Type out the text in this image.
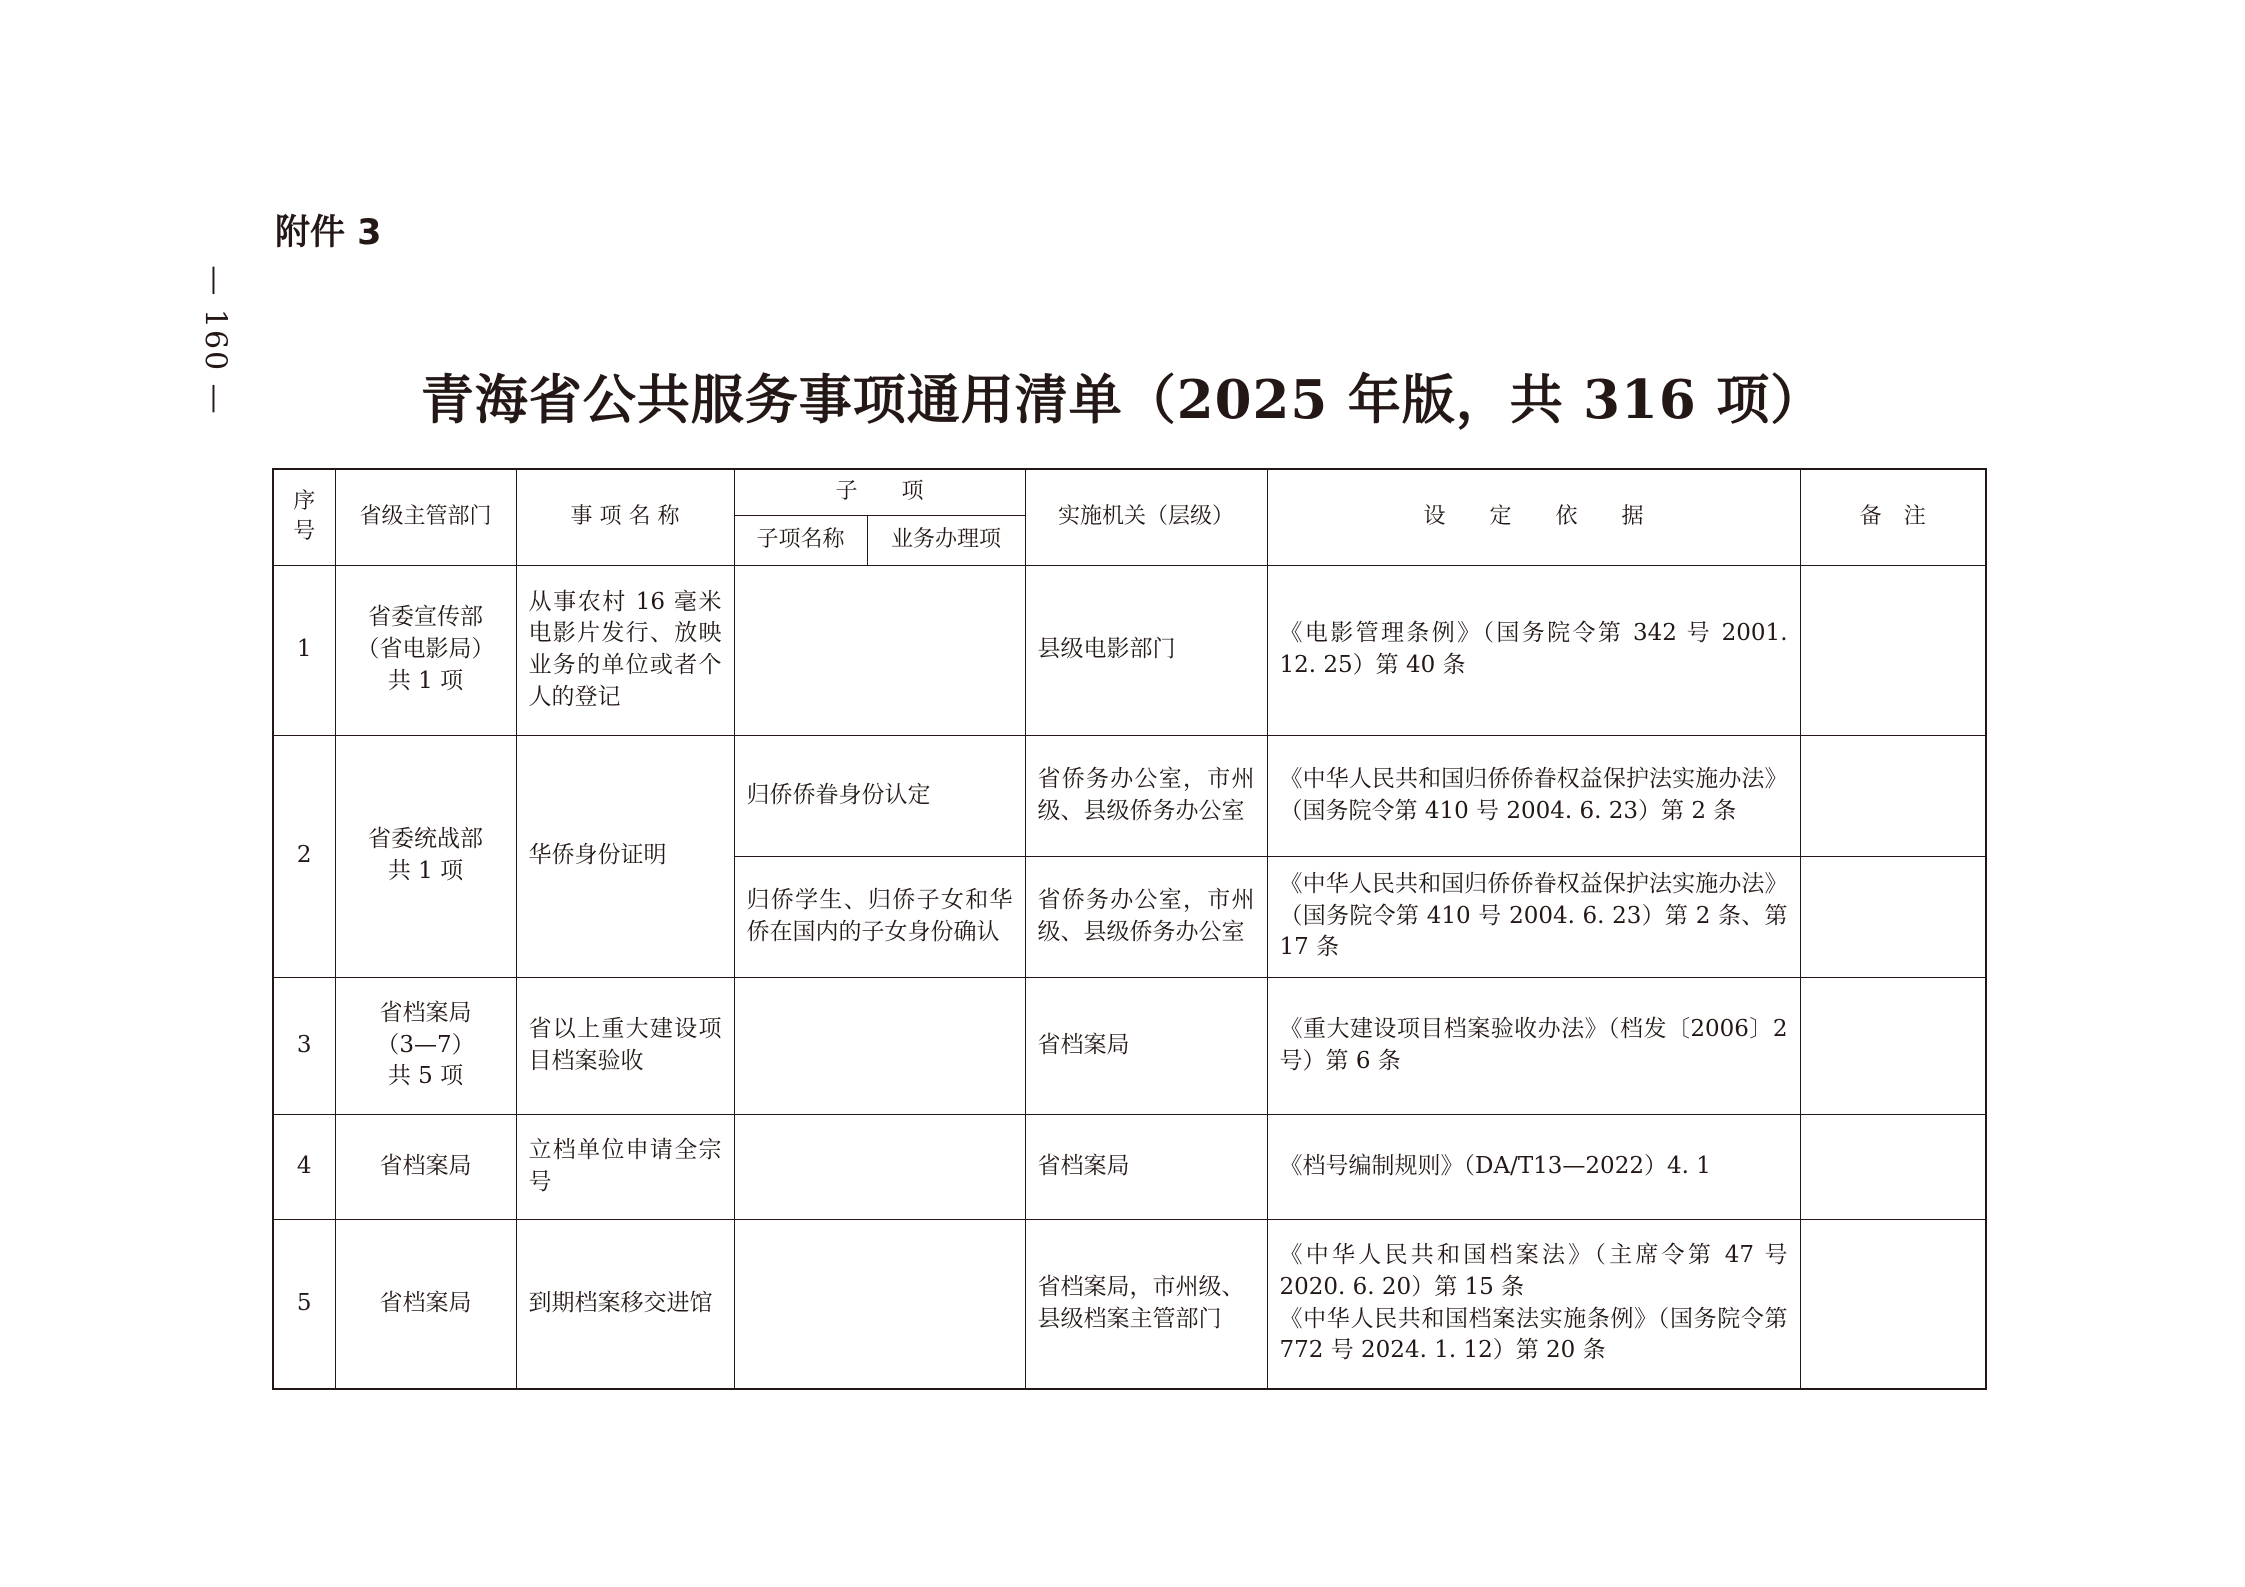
— 160 —
附件 3
青海省公共服务事项通用清单（2025 年版，共 316 项）
序号	省级主管部门	事 项 名 称	子　　项		实施机关（层级）	设　　定　　依　　据	备　注
			子项名称	业务办理项			
1	省委宣传部
（省电影局）
共 1 项	从事农村 16 毫米电影片发行、放映业务的单位或者个人的登记			县级电影部门	《电影管理条例》（国务院令第 342 号 2001. 12. 25）第 40 条	
2	省委统战部
共 1 项	华侨身份证明	归侨侨眷身份认定		省侨务办公室，市州级、县级侨务办公室	《中华人民共和国归侨侨眷权益保护法实施办法》（国务院令第 410 号 2004. 6. 23）第 2 条	
			归侨学生、归侨子女和华侨在国内的子女身份确认		省侨务办公室，市州级、县级侨务办公室	《中华人民共和国归侨侨眷权益保护法实施办法》（国务院令第 410 号 2004. 6. 23）第 2 条、第 17 条	
3	省档案局
（3—7）
共 5 项	省以上重大建设项目档案验收			省档案局	《重大建设项目档案验收办法》（档发〔2006〕2 号）第 6 条	
4	省档案局	立档单位申请全宗号			省档案局	《档号编制规则》（DA/T13—2022）4. 1	
5	省档案局	到期档案移交进馆			省档案局，市州级、县级档案主管部门	《中华人民共和国档案法》（主席令第 47 号 2020. 6. 20）第 15 条
《中华人民共和国档案法实施条例》（国务院令第 772 号 2024. 1. 12）第 20 条	
